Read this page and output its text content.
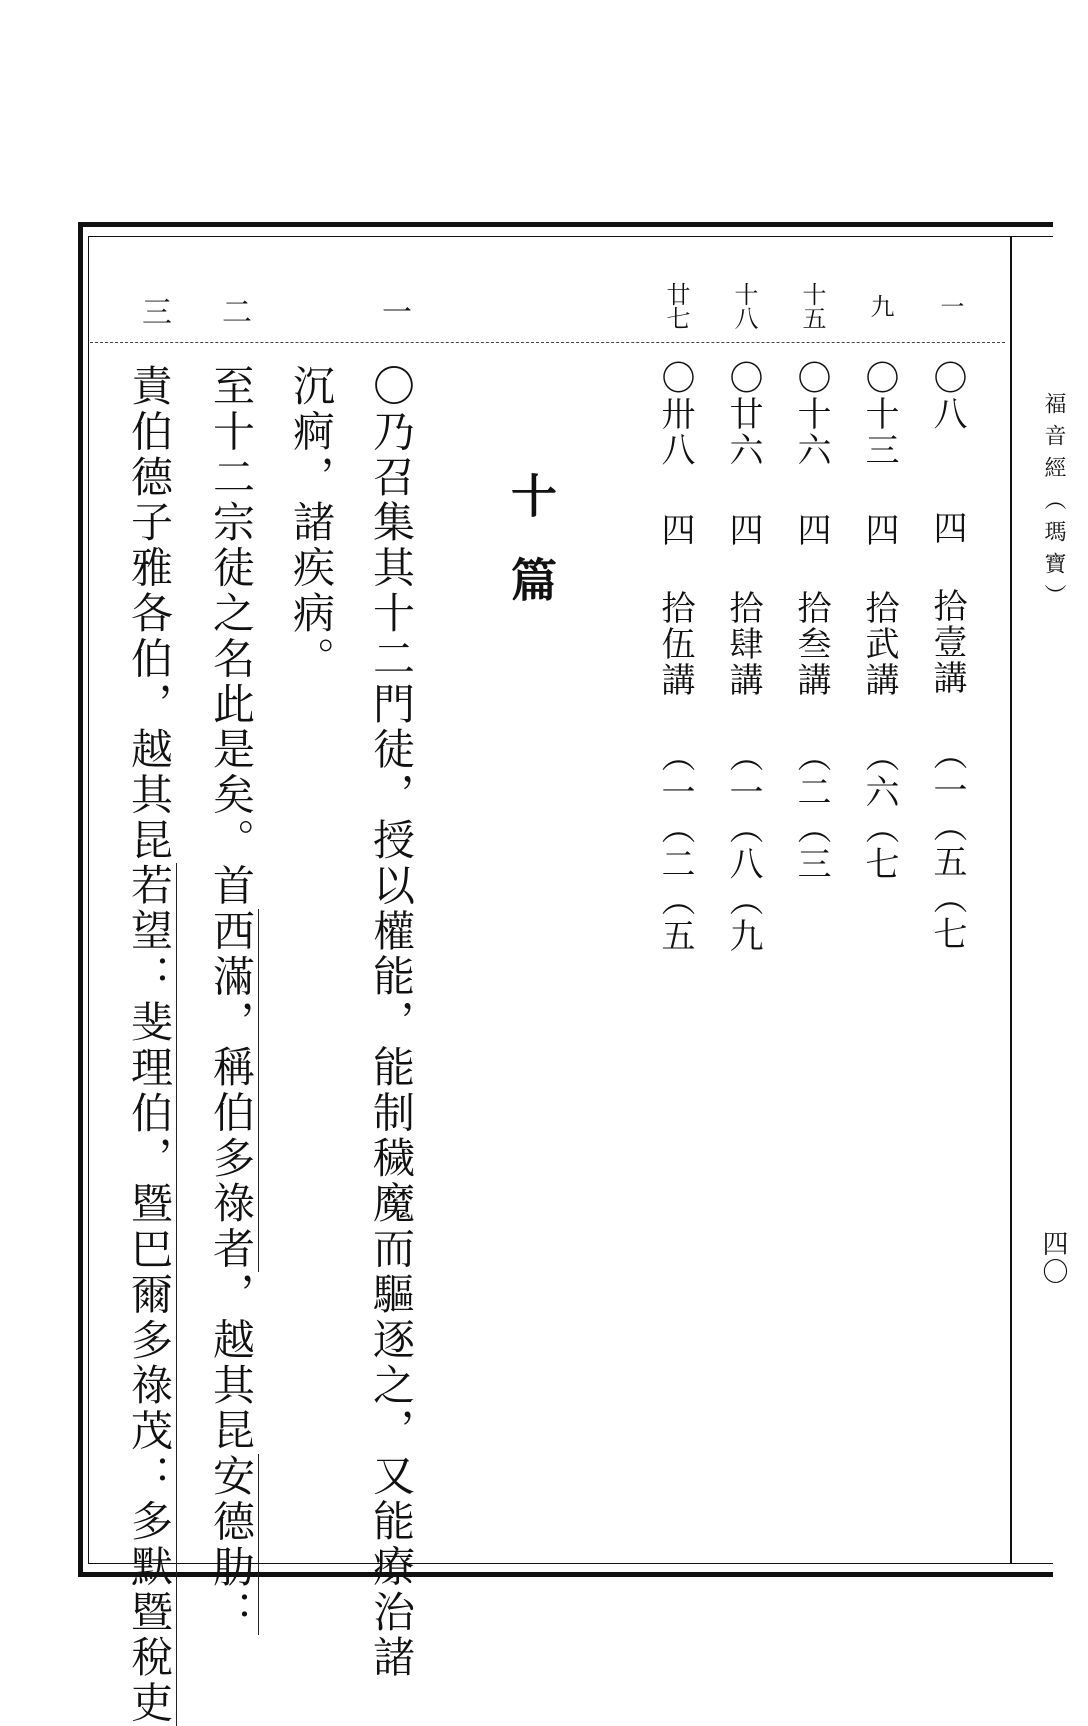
福音經（瑪寶）
四〇
一
九
十五
十八
廿七
〇八四 拾壹講︵一︵五︵七
〇十三四 拾武講︵六︵七
〇十六四 拾叁講︵二︵三
〇廿六四 拾肆講︵一︵八︵九
〇卅八四 拾伍講︵一︵二︵五
十篇
一
二
三
〇乃召集其十二門徒，授以權能，能制穢魔而驅逐之，又能療治諸
沉痾，諸疾病。
至十二宗徒之名此是矣。首西滿，稱伯多祿者，越其昆安德肋：
責伯德子雅各伯，越其昆若望：斐理伯，暨巴爾多祿茂：多默暨稅吏
